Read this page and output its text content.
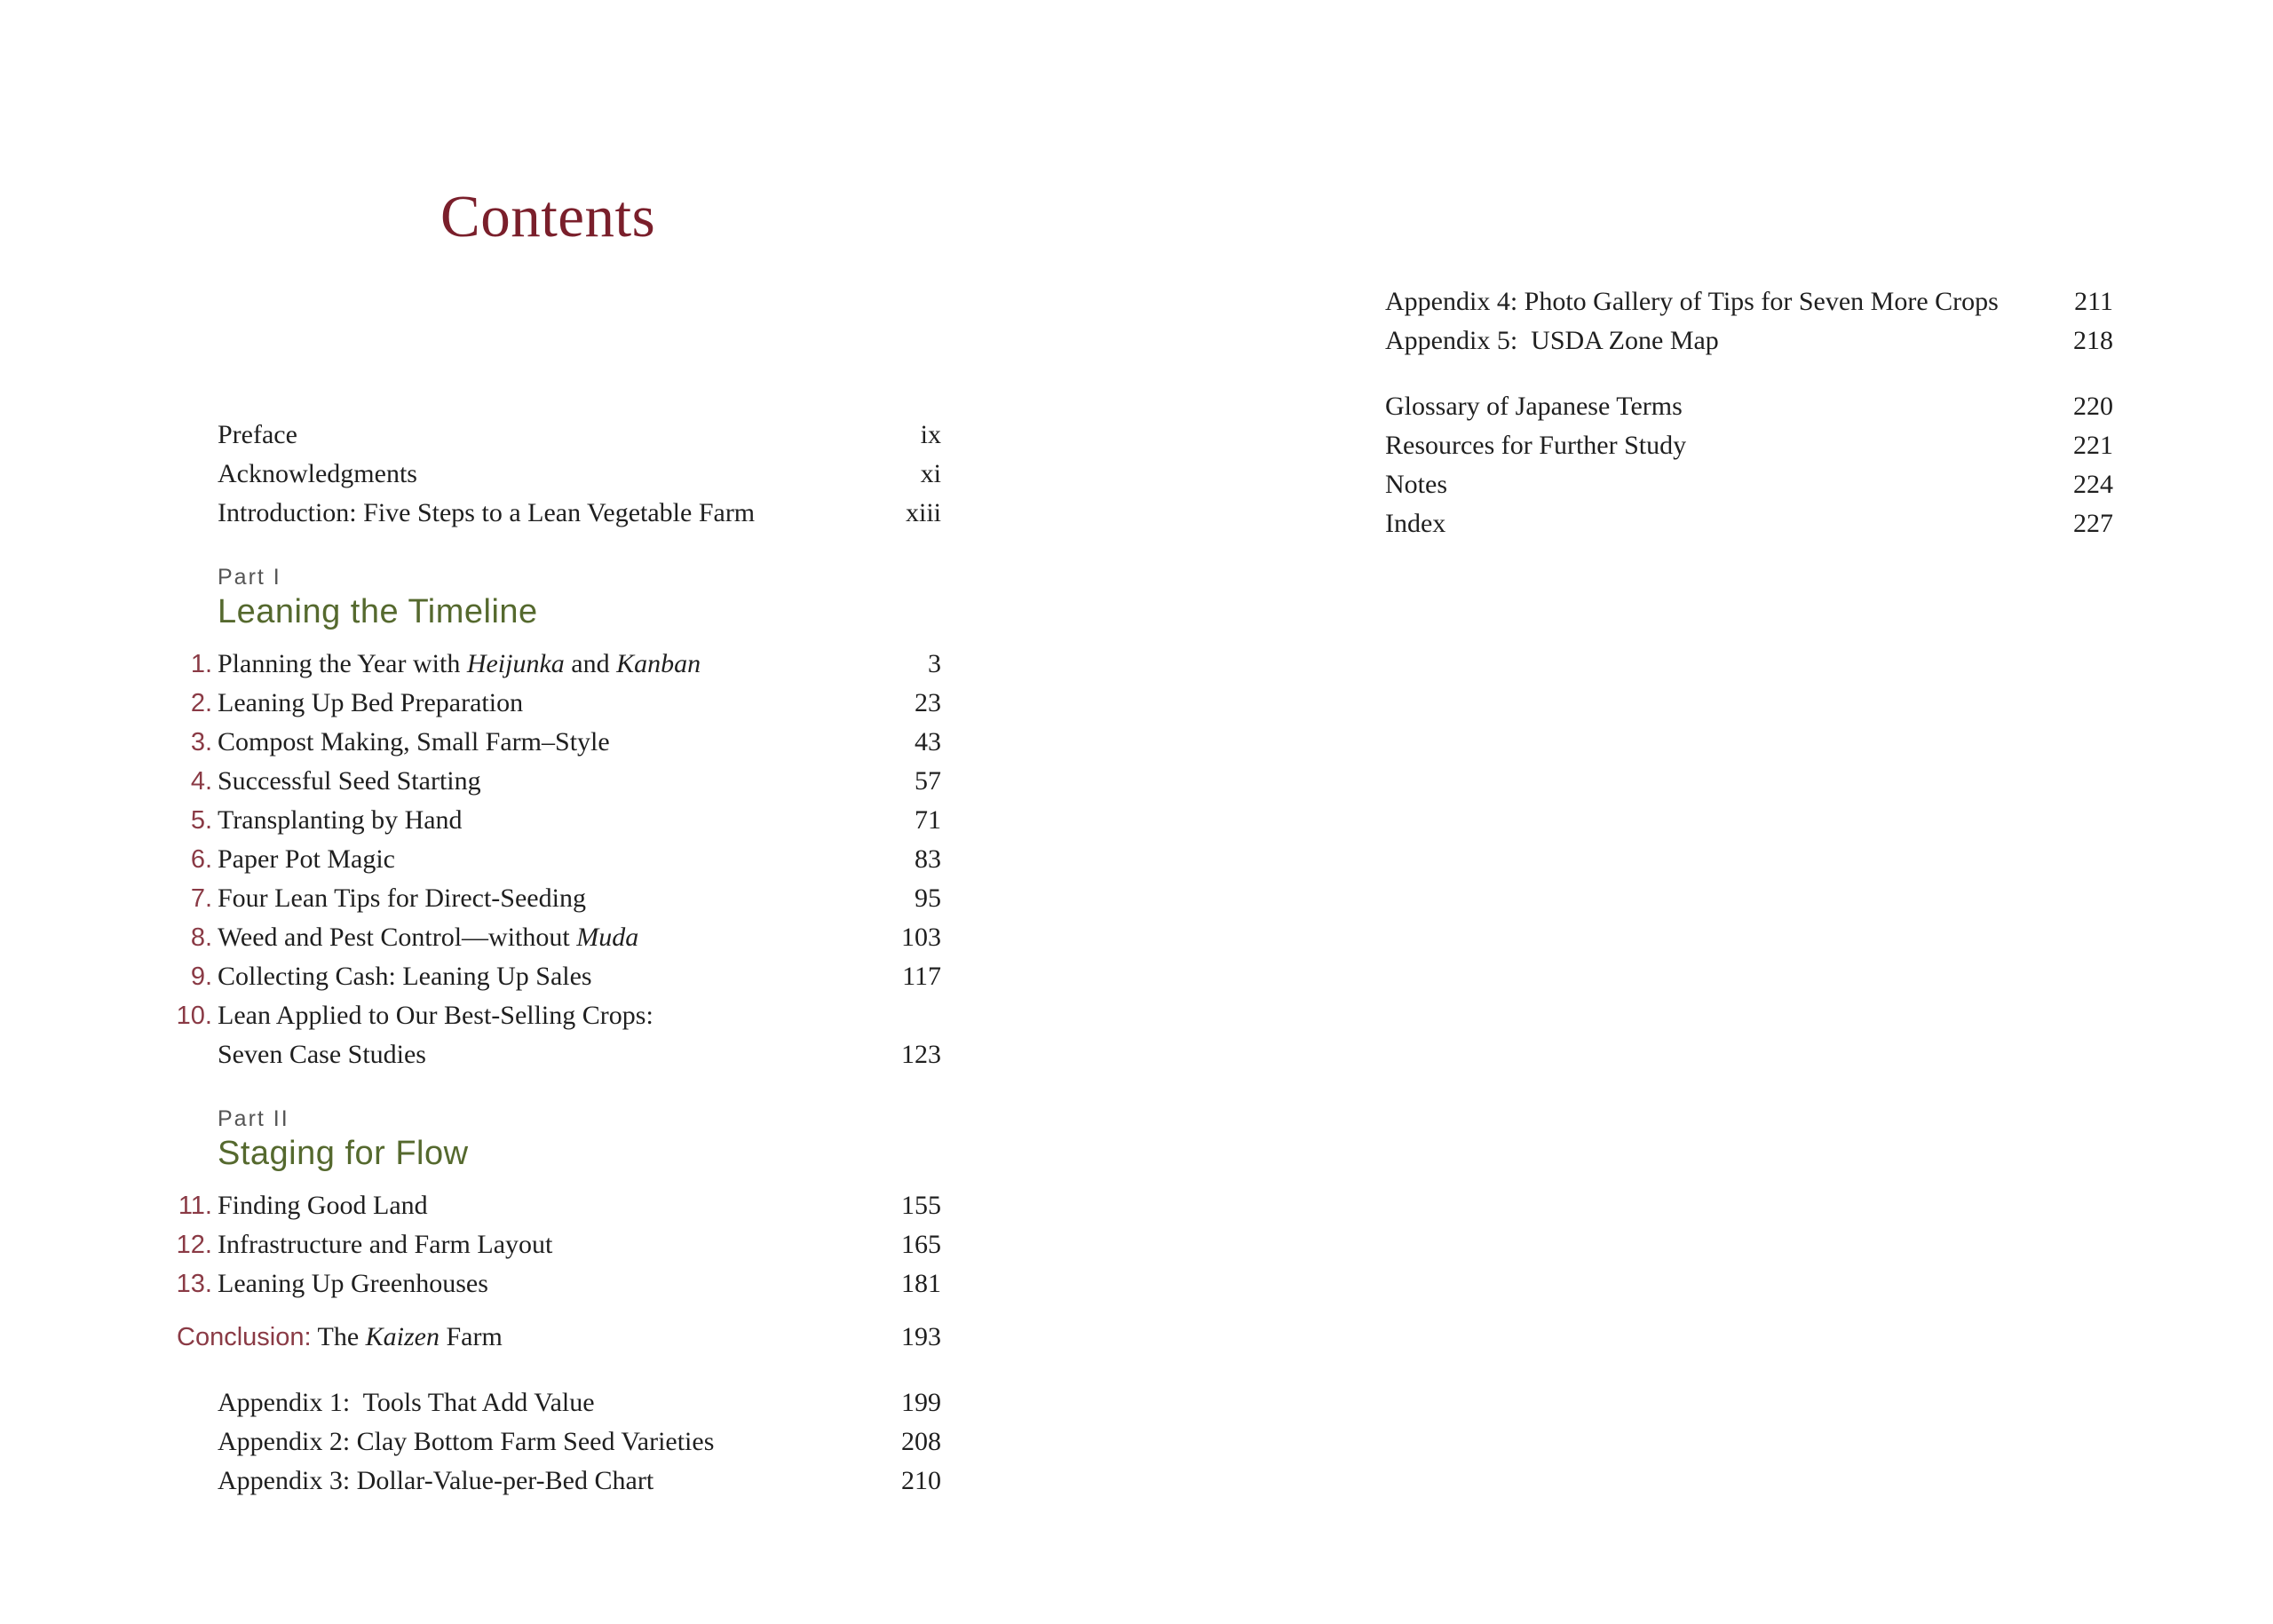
Contents
Preface	ix
Acknowledgments	xi
Introduction: Five Steps to a Lean Vegetable Farm	xiii
Part I
Leaning the Timeline
1. Planning the Year with Heijunka and Kanban	3
2. Leaning Up Bed Preparation	23
3. Compost Making, Small Farm–Style	43
4. Successful Seed Starting	57
5. Transplanting by Hand	71
6. Paper Pot Magic	83
7. Four Lean Tips for Direct-Seeding	95
8. Weed and Pest Control—without Muda	103
9. Collecting Cash: Leaning Up Sales	117
10. Lean Applied to Our Best-Selling Crops:
Seven Case Studies	123
Part II
Staging for Flow
11. Finding Good Land	155
12. Infrastructure and Farm Layout	165
13. Leaning Up Greenhouses	181
Conclusion: The Kaizen Farm	193
Appendix 1:  Tools That Add Value	199
Appendix 2: Clay Bottom Farm Seed Varieties	208
Appendix 3: Dollar-Value-per-Bed Chart	210
Appendix 4: Photo Gallery of Tips for Seven More Crops	211
Appendix 5:  USDA Zone Map	218
Glossary of Japanese Terms	220
Resources for Further Study	221
Notes	224
Index	227
